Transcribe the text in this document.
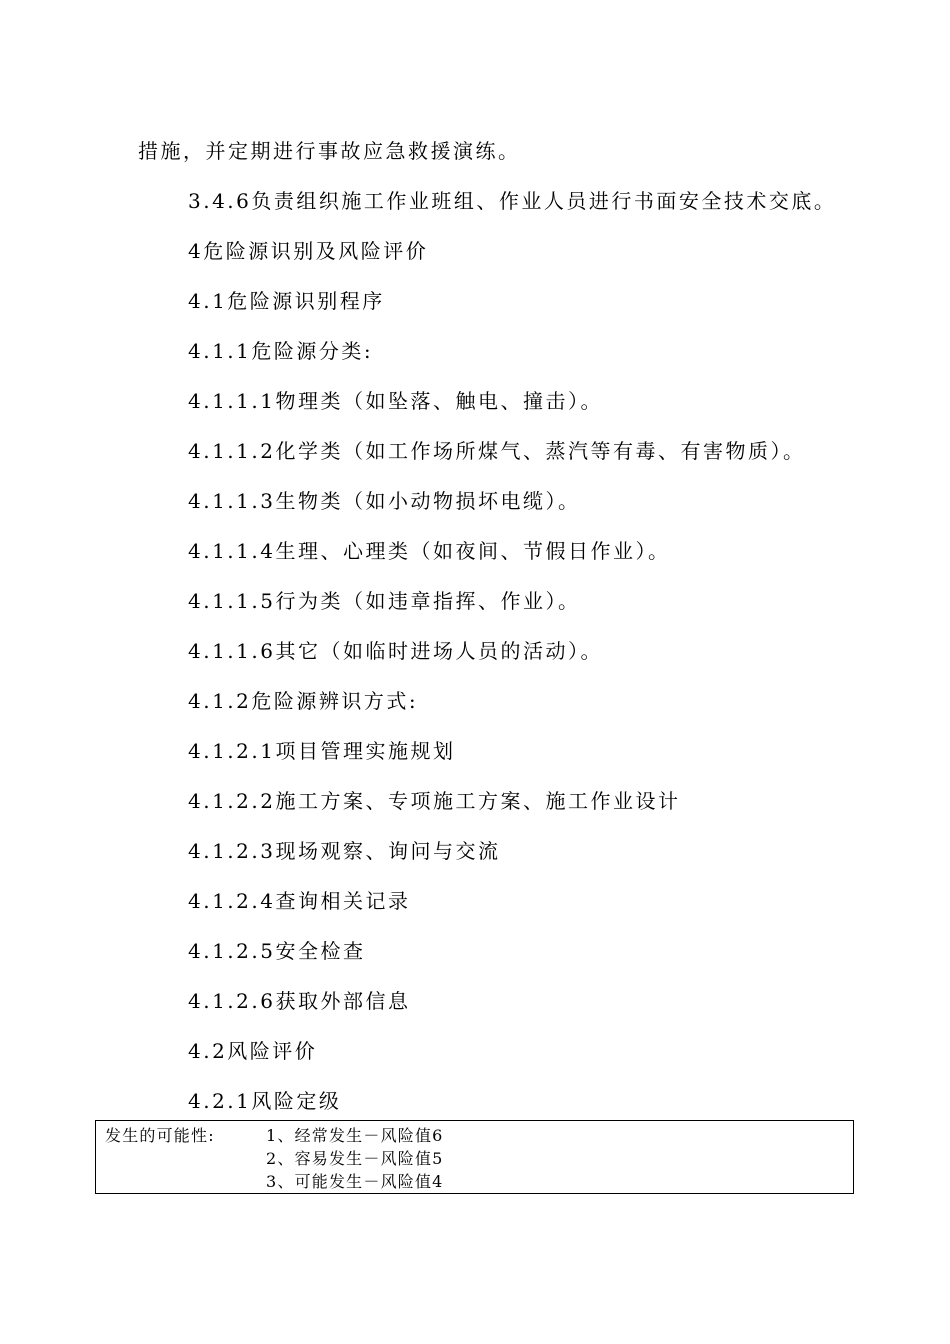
措施，并定期进行事故应急救援演练。
3.4.6负责组织施工作业班组、作业人员进行书面安全技术交底。
4危险源识别及风险评价
4.1危险源识别程序
4.1.1危险源分类:
4.1.1.1物理类（如坠落、触电、撞击）。
4.1.1.2化学类（如工作场所煤气、蒸汽等有毒、有害物质）。
4.1.1.3生物类（如小动物损坏电缆）。
4.1.1.4生理、心理类（如夜间、节假日作业）。
4.1.1.5行为类（如违章指挥、作业）。
4.1.1.6其它（如临时进场人员的活动）。
4.1.2危险源辨识方式:
4.1.2.1项目管理实施规划
4.1.2.2施工方案、专项施工方案、施工作业设计
4.1.2.3现场观察、询问与交流
4.1.2.4查询相关记录
4.1.2.5安全检查
4.1.2.6获取外部信息
4.2风险评价
4.2.1风险定级
发生的可能性:	1、经常发生－风险值6
2、容易发生－风险值5
3、可能发生－风险值4
